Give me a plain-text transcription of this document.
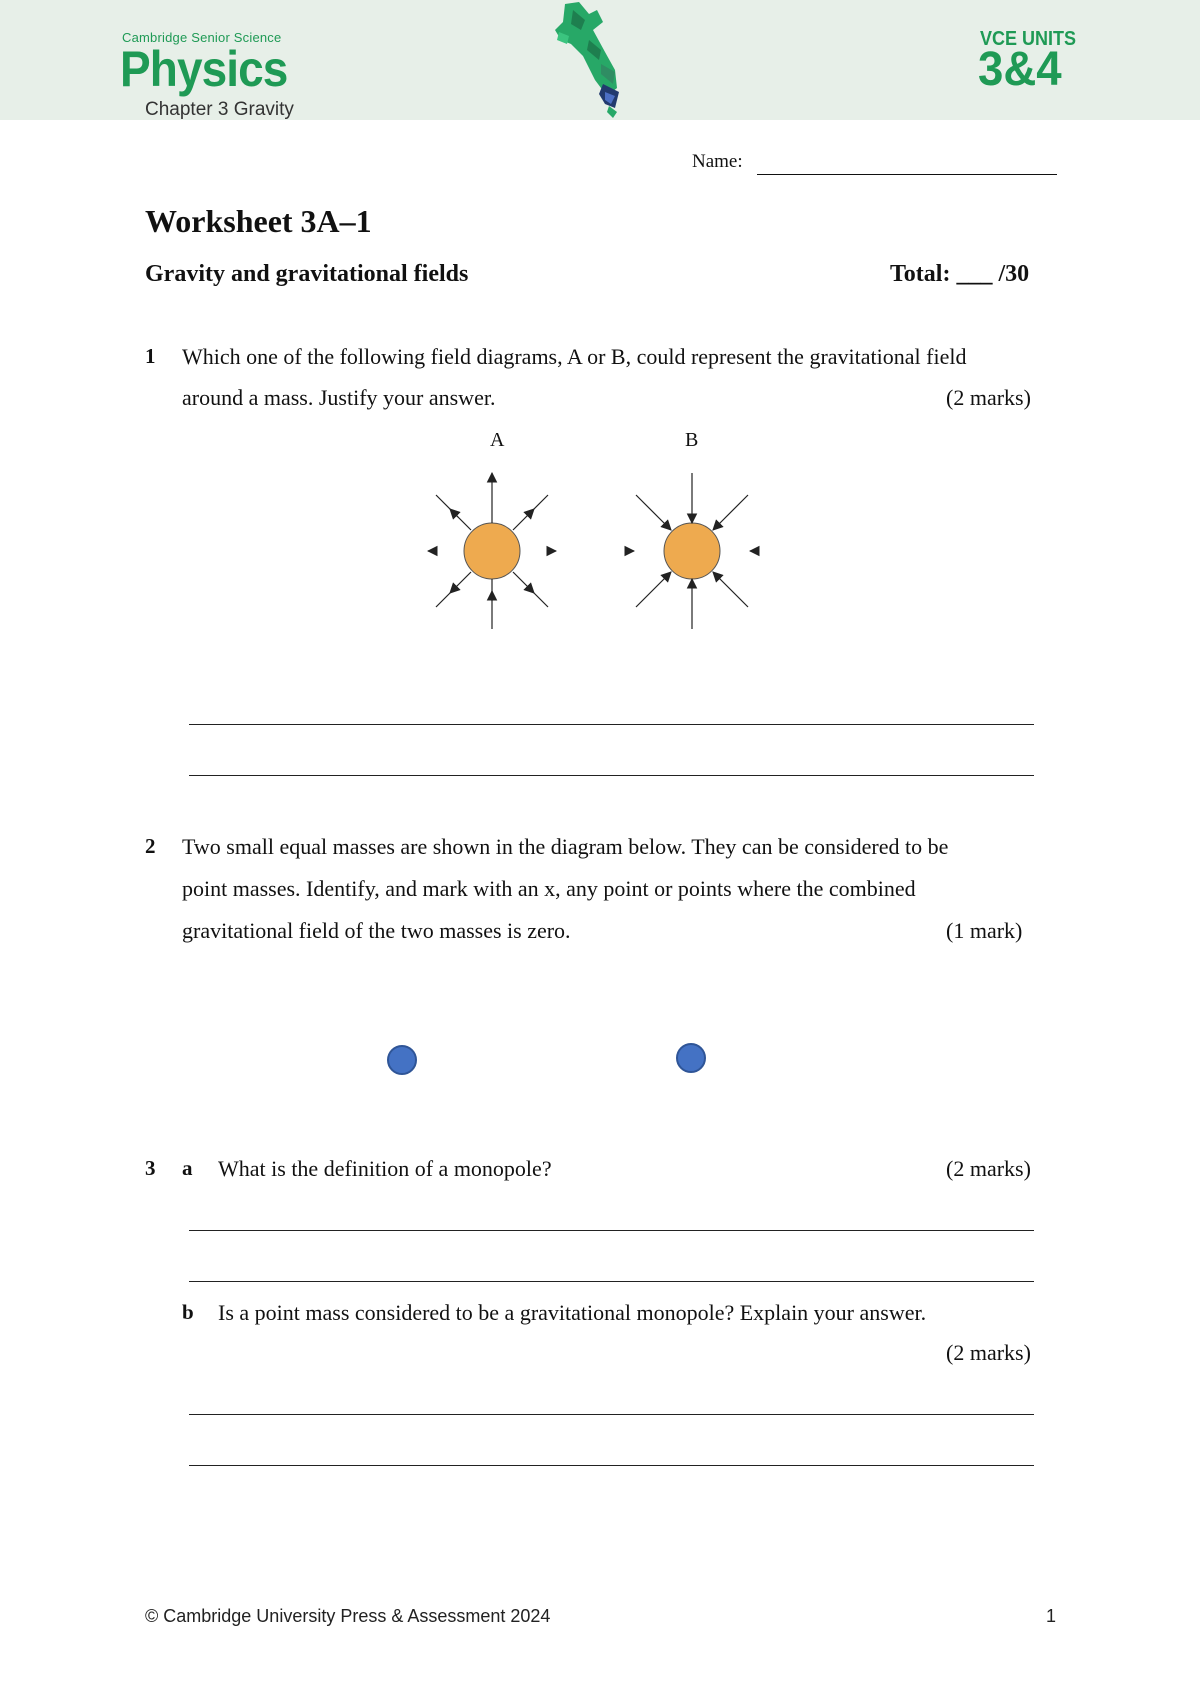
Cambridge Senior Science
Physics
Chapter 3 Gravity
VCE UNITS
3&4
Name:
Worksheet 3A–1
Gravity and gravitational fields	Total: ___ /30
1 Which one of the following field diagrams, A or B, could represent the gravitational field
around a mass. Justify your answer.	(2 marks)
A	B
2 Two small equal masses are shown in the diagram below. They can be considered to be
point masses. Identify, and mark with an x, any point or points where the combined
gravitational field of the two masses is zero.	(1 mark)
3 a What is the definition of a monopole?	(2 marks)
b Is a point mass considered to be a gravitational monopole? Explain your answer.
(2 marks)
© Cambridge University Press & Assessment 2024	1
